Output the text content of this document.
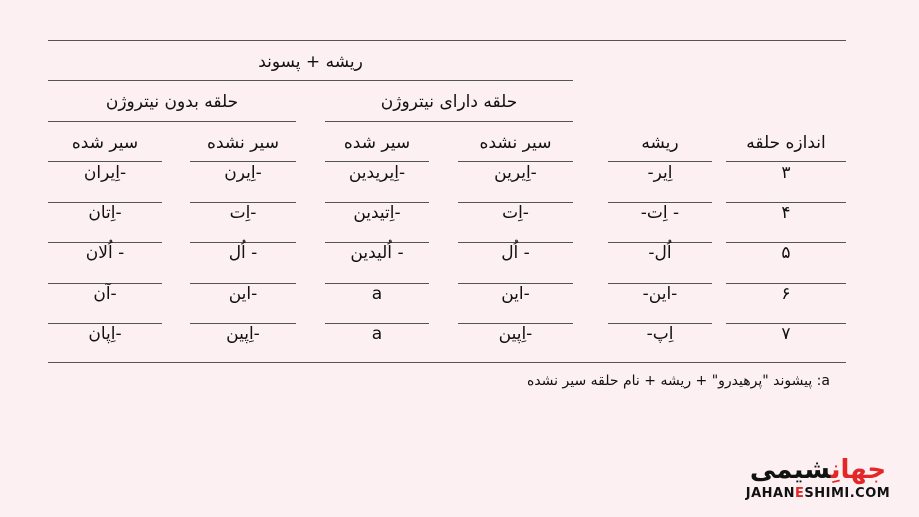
ریشه + پسوند
حلقه دارای نیتروژن
حلقه بدون نیتروژن
اندازه حلقه
ریشه
سیر نشده
سیر شده
سیر نشده
سیر شده
۳
اِیر-
-اِیرین
-اِیریدین
-اِیرن
-اِیران
۴
- اِت-
-اِت
-اِتیدین
-اِت
-اِتان
۵
اُل-
- اُل
- اُلیدین
- اُل
- اُلان
۶
-این-
-این
a
-این
-آن
۷
اِپ-
-اِپین
a
-اِپین
-اِپان
a: پیشوند "پرهیدرو" + ریشه + نام حلقه سیر نشده
جهانِشیمی
JAHANESHIMI.COM
